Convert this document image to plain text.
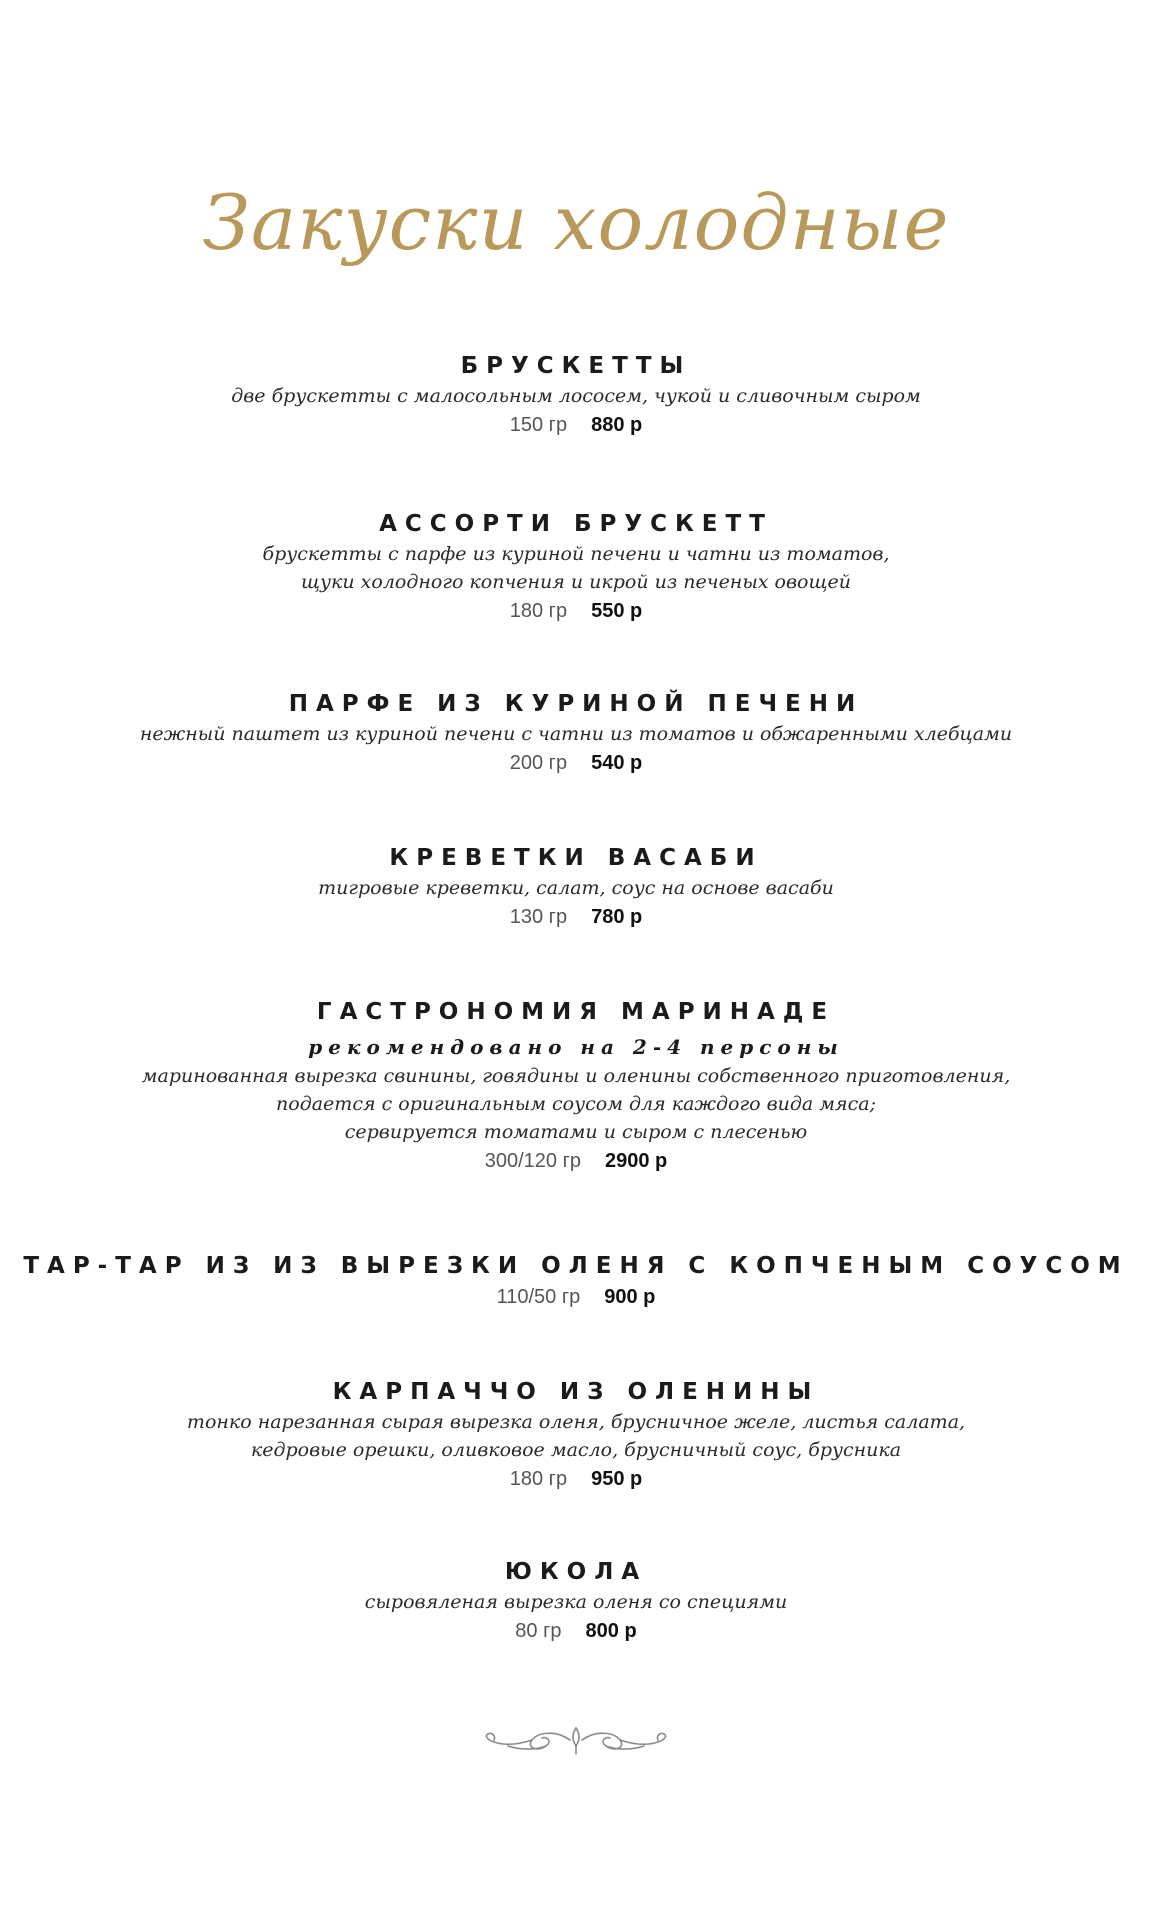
Закуски холодные
БРУСКЕТТЫ
две брускетты с малосольным лососем, чукой и сливочным сыром
150 гр 880 р
АССОРТИ БРУСКЕТТ
брускетты с парфе из куриной печени и чатни из томатов,
щуки холодного копчения и икрой из печеных овощей
180 гр 550 р
ПАРФЕ ИЗ КУРИНОЙ ПЕЧЕНИ
нежный паштет из куриной печени с чатни из томатов и обжаренными хлебцами
200 гр 540 р
КРЕВЕТКИ ВАСАБИ
тигровые креветки, салат, соус на основе васаби
130 гр 780 р
ГАСТРОНОМИЯ МАРИНАДЕ
рекомендовано на 2-4 персоны
маринованная вырезка свинины, говядины и оленины собственного приготовления,
подается с оригинальным соусом для каждого вида мяса;
сервируется томатами и сыром с плесенью
300/120 гр 2900 р
ТАР-ТАР ИЗ ИЗ ВЫРЕЗКИ ОЛЕНЯ С КОПЧЕНЫМ СОУСОМ
110/50 гр 900 р
КАРПАЧЧО ИЗ ОЛЕНИНЫ
тонко нарезанная сырая вырезка оленя, брусничное желе, листья салата,
кедровые орешки, оливковое масло, брусничный соус, брусника
180 гр 950 р
ЮКОЛА
сыровяленая вырезка оленя со специями
80 гр 800 р
